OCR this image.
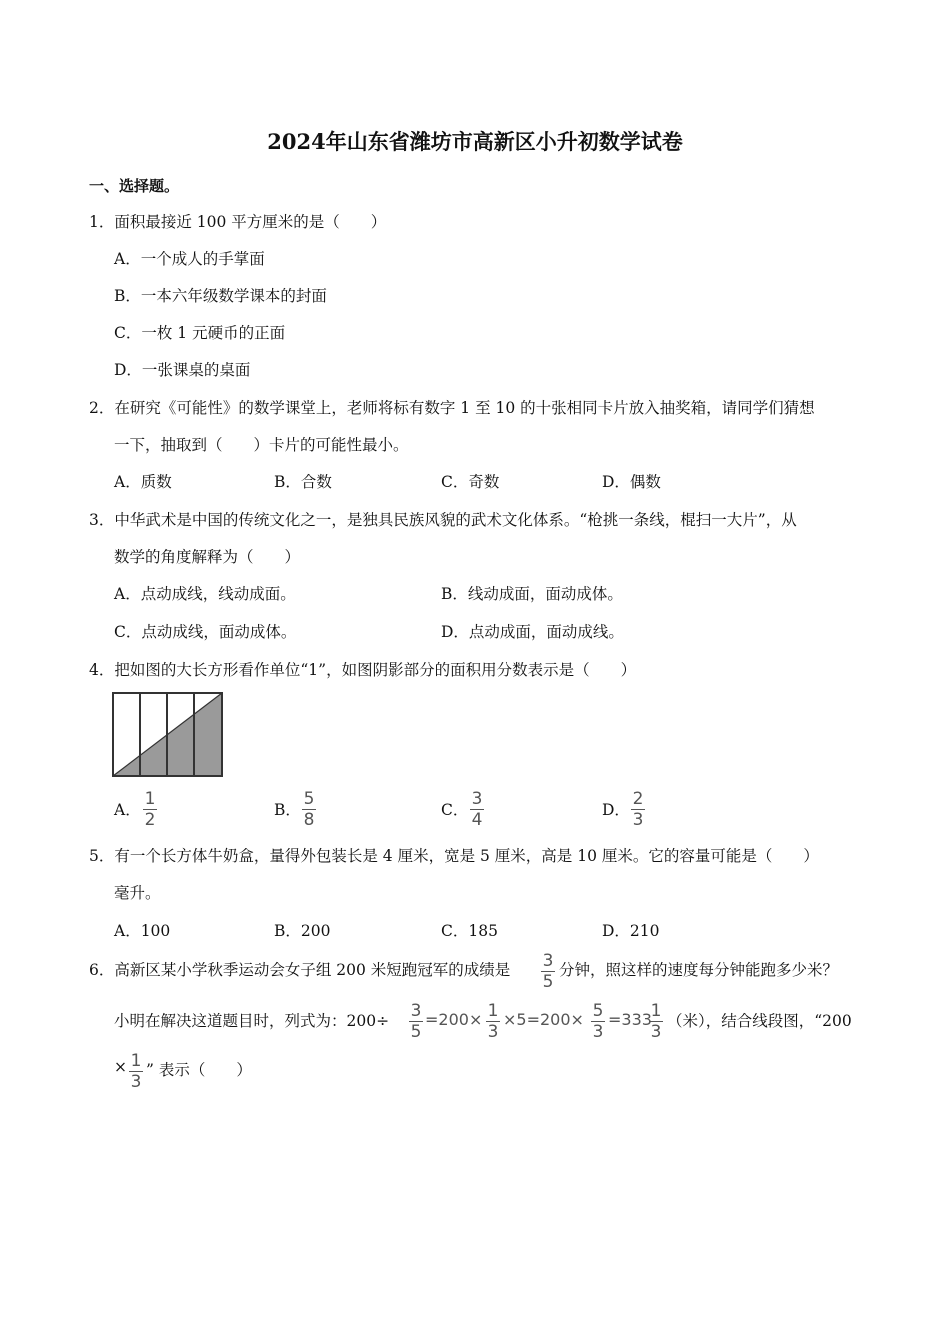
2024年山东省潍坊市高新区小升初数学试卷
一、选择题。
1．面积最接近 100 平方厘米的是（　　）
A．一个成人的手掌面
B．一本六年级数学课本的封面
C．一枚 1 元硬币的正面
D．一张课桌的桌面
2．在研究《可能性》的数学课堂上，老师将标有数字 1 至 10 的十张相同卡片放入抽奖箱，请同学们猜想
一下，抽取到（　　）卡片的可能性最小。
A．质数	B．合数	C．奇数	D．偶数
3．中华武术是中国的传统文化之一，是独具民族风貌的武术文化体系。“枪挑一条线，棍扫一大片”，从
数学的角度解释为（　　）
A．点动成线，线动成面。	B．线动成面，面动成体。
C．点动成线，面动成体。	D．点动成面，面动成线。
4．把如图的大长方形看作单位“1”，如图阴影部分的面积用分数表示是（　　）
A．
1
2	B．
5
8	C．
3
4	D．
2
3
5．有一个长方体牛奶盒，量得外包装长是 4 厘米，宽是 5 厘米，高是 10 厘米。它的容量可能是（　　）
毫升。
A．100	B．200	C．185	D．210
6．高新区某小学秋季运动会女子组 200 米短跑冠军的成绩是 3
5
分钟，照这样的速度每分钟能跑多少米？
小明在解决这道题目时，列式为：200÷ 3
5
=200× 1
3
×5=200× 5
3
=333
1
3
（米），结合线段图，“200
× 1
3
” 表示（　　）
